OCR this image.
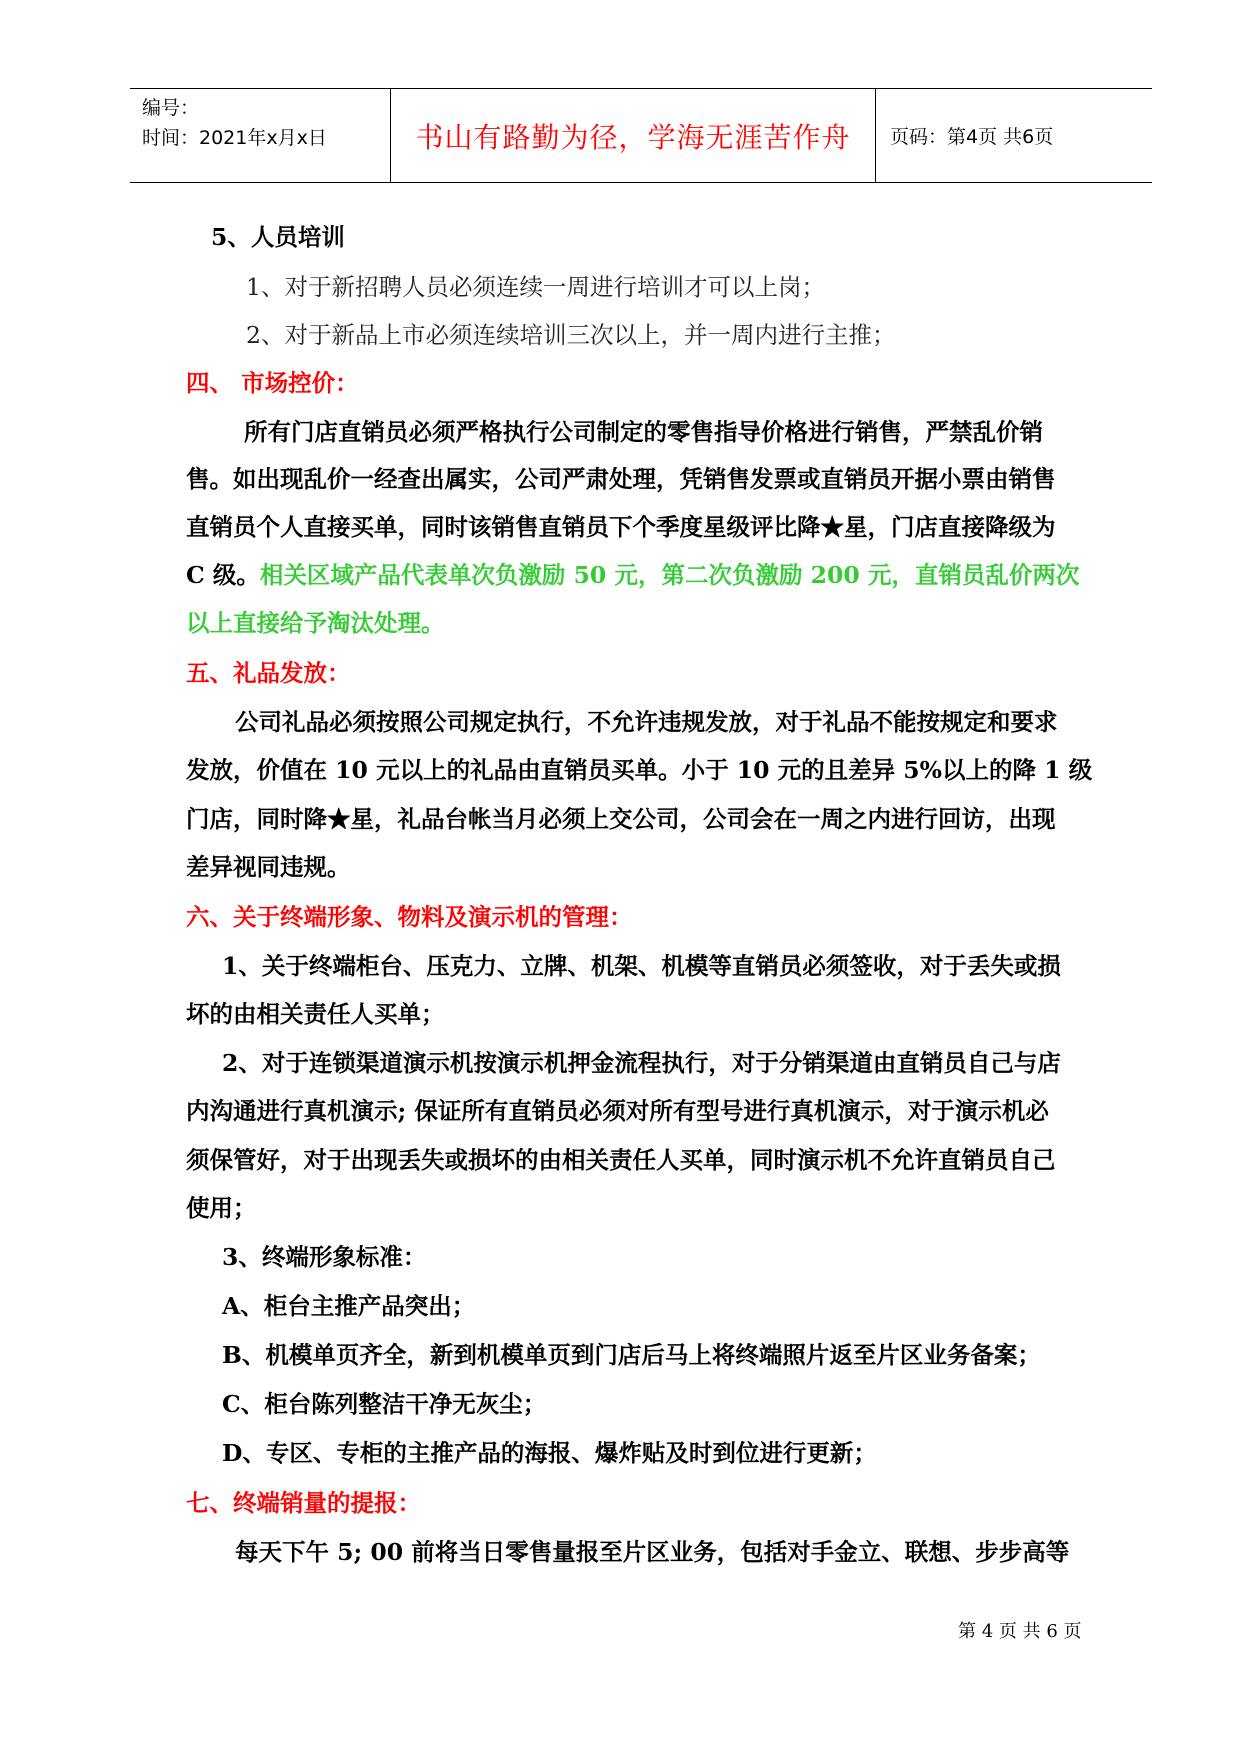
编号：
时间：2021年x月x日	书山有路勤为径，学海无涯苦作舟	页码：第4页 共6页
5、人员培训
1、对于新招聘人员必须连续一周进行培训才可以上岗；
2、对于新品上市必须连续培训三次以上，并一周内进行主推；
四、 市场控价：
所有门店直销员必须严格执行公司制定的零售指导价格进行销售，严禁乱价销
售。如出现乱价一经查出属实，公司严肃处理，凭销售发票或直销员开据小票由销售
直销员个人直接买单，同时该销售直销员下个季度星级评比降★星，门店直接降级为
C 级。相关区域产品代表单次负激励 50 元，第二次负激励 200 元，直销员乱价两次
以上直接给予淘汰处理。
五、礼品发放：
公司礼品必须按照公司规定执行，不允许违规发放，对于礼品不能按规定和要求
发放，价值在 10 元以上的礼品由直销员买单。小于 10 元的且差异 5%以上的降 1 级
门店，同时降★星，礼品台帐当月必须上交公司，公司会在一周之内进行回访，出现
差异视同违规。
六、关于终端形象、物料及演示机的管理：
1、关于终端柜台、压克力、立牌、机架、机模等直销员必须签收，对于丢失或损
坏的由相关责任人买单；
2、对于连锁渠道演示机按演示机押金流程执行，对于分销渠道由直销员自己与店
内沟通进行真机演示; 保证所有直销员必须对所有型号进行真机演示，对于演示机必
须保管好，对于出现丢失或损坏的由相关责任人买单，同时演示机不允许直销员自己
使用；
3、终端形象标准：
A、柜台主推产品突出；
B、机模单页齐全，新到机模单页到门店后马上将终端照片返至片区业务备案；
C、柜台陈列整洁干净无灰尘；
D、专区、专柜的主推产品的海报、爆炸贴及时到位进行更新；
七、终端销量的提报：
每天下午 5; 00 前将当日零售量报至片区业务，包括对手金立、联想、步步高等
第 4 页 共 6 页
